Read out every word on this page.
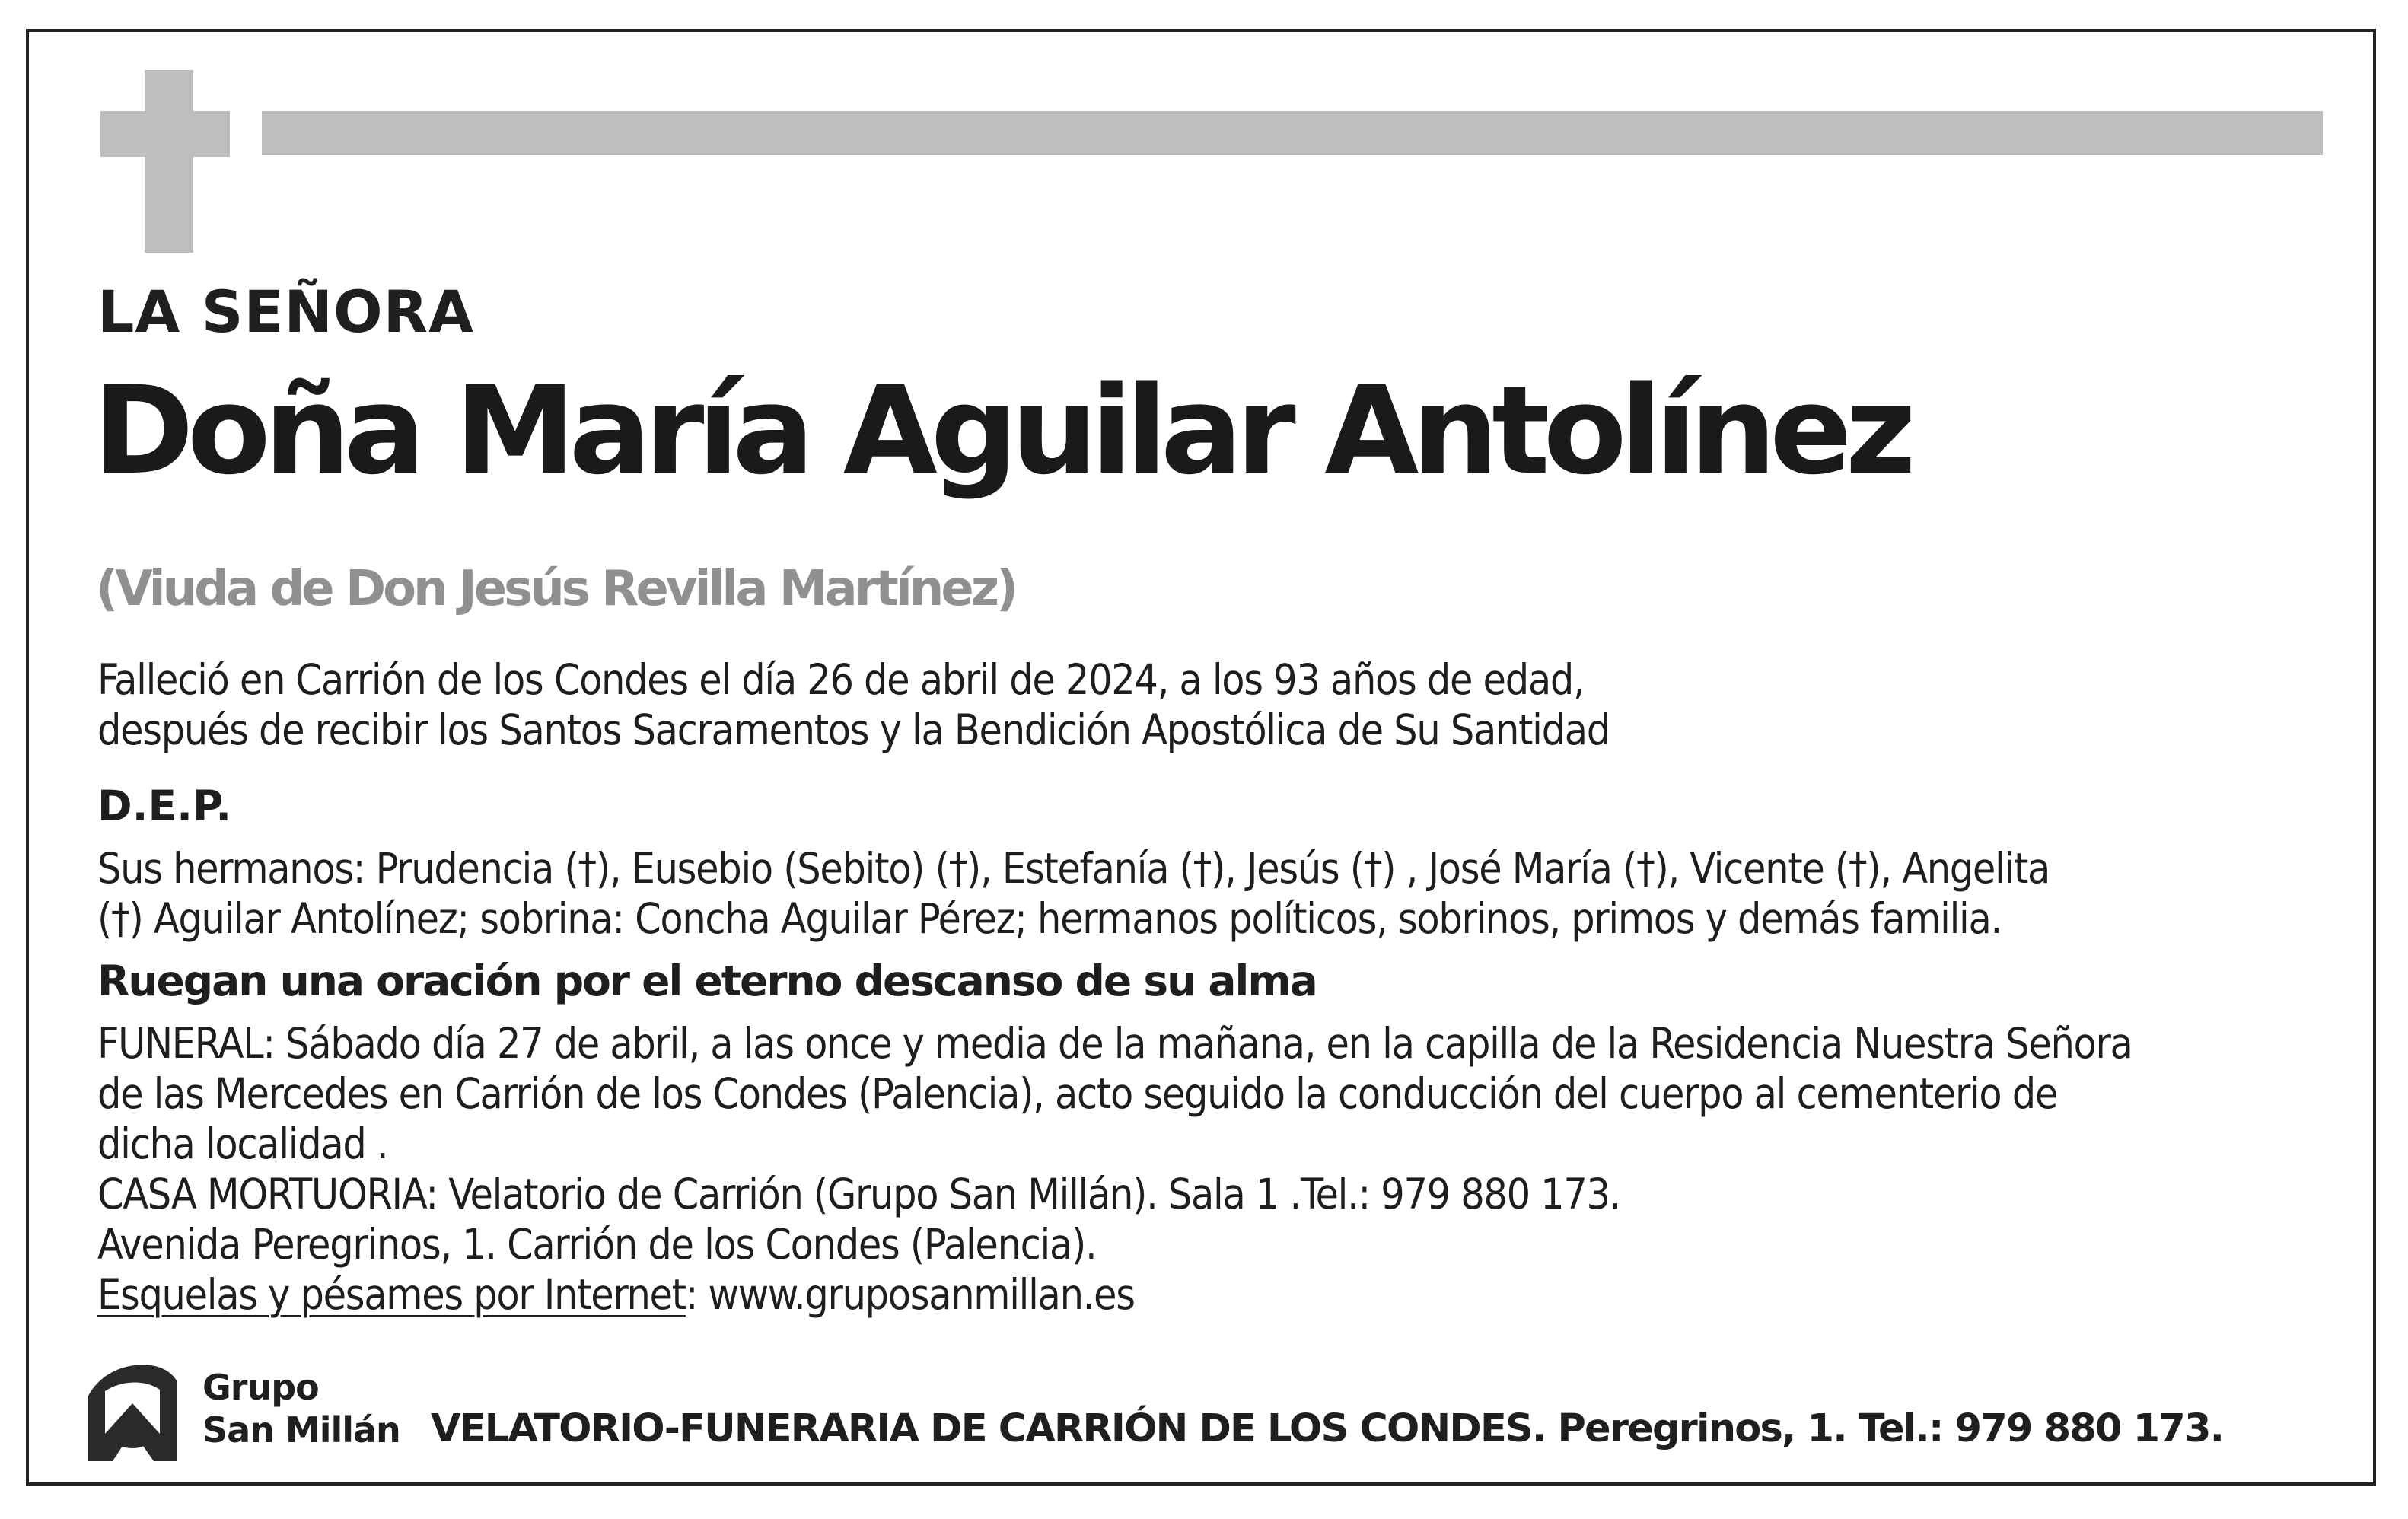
LA SEÑORA
Doña María Aguilar Antolínez
(Viuda de Don Jesús Revilla Martínez)
Falleció en Carrión de los Condes el día 26 de abril de 2024, a los 93 años de edad,
después de recibir los Santos Sacramentos y la Bendición Apostólica de Su Santidad
D.E.P.
Sus hermanos: Prudencia (†), Eusebio (Sebito) (†), Estefanía (†), Jesús (†) , José María (†), Vicente (†), Angelita
(†) Aguilar Antolínez; sobrina: Concha Aguilar Pérez; hermanos políticos, sobrinos, primos y demás familia.
Ruegan una oración por el eterno descanso de su alma
FUNERAL: Sábado día 27 de abril, a las once y media de la mañana, en la capilla de la Residencia Nuestra Señora
de las Mercedes en Carrión de los Condes (Palencia), acto seguido la conducción del cuerpo al cementerio de
dicha localidad .
CASA MORTUORIA: Velatorio de Carrión (Grupo San Millán). Sala 1 .Tel.: 979 880 173.
Avenida Peregrinos, 1. Carrión de los Condes (Palencia).
Esquelas y pésames por Internet: www.gruposanmillan.es
Grupo
San Millán VELATORIO-FUNERARIA DE CARRIÓN DE LOS CONDES. Peregrinos, 1. Tel.: 979 880 173.
